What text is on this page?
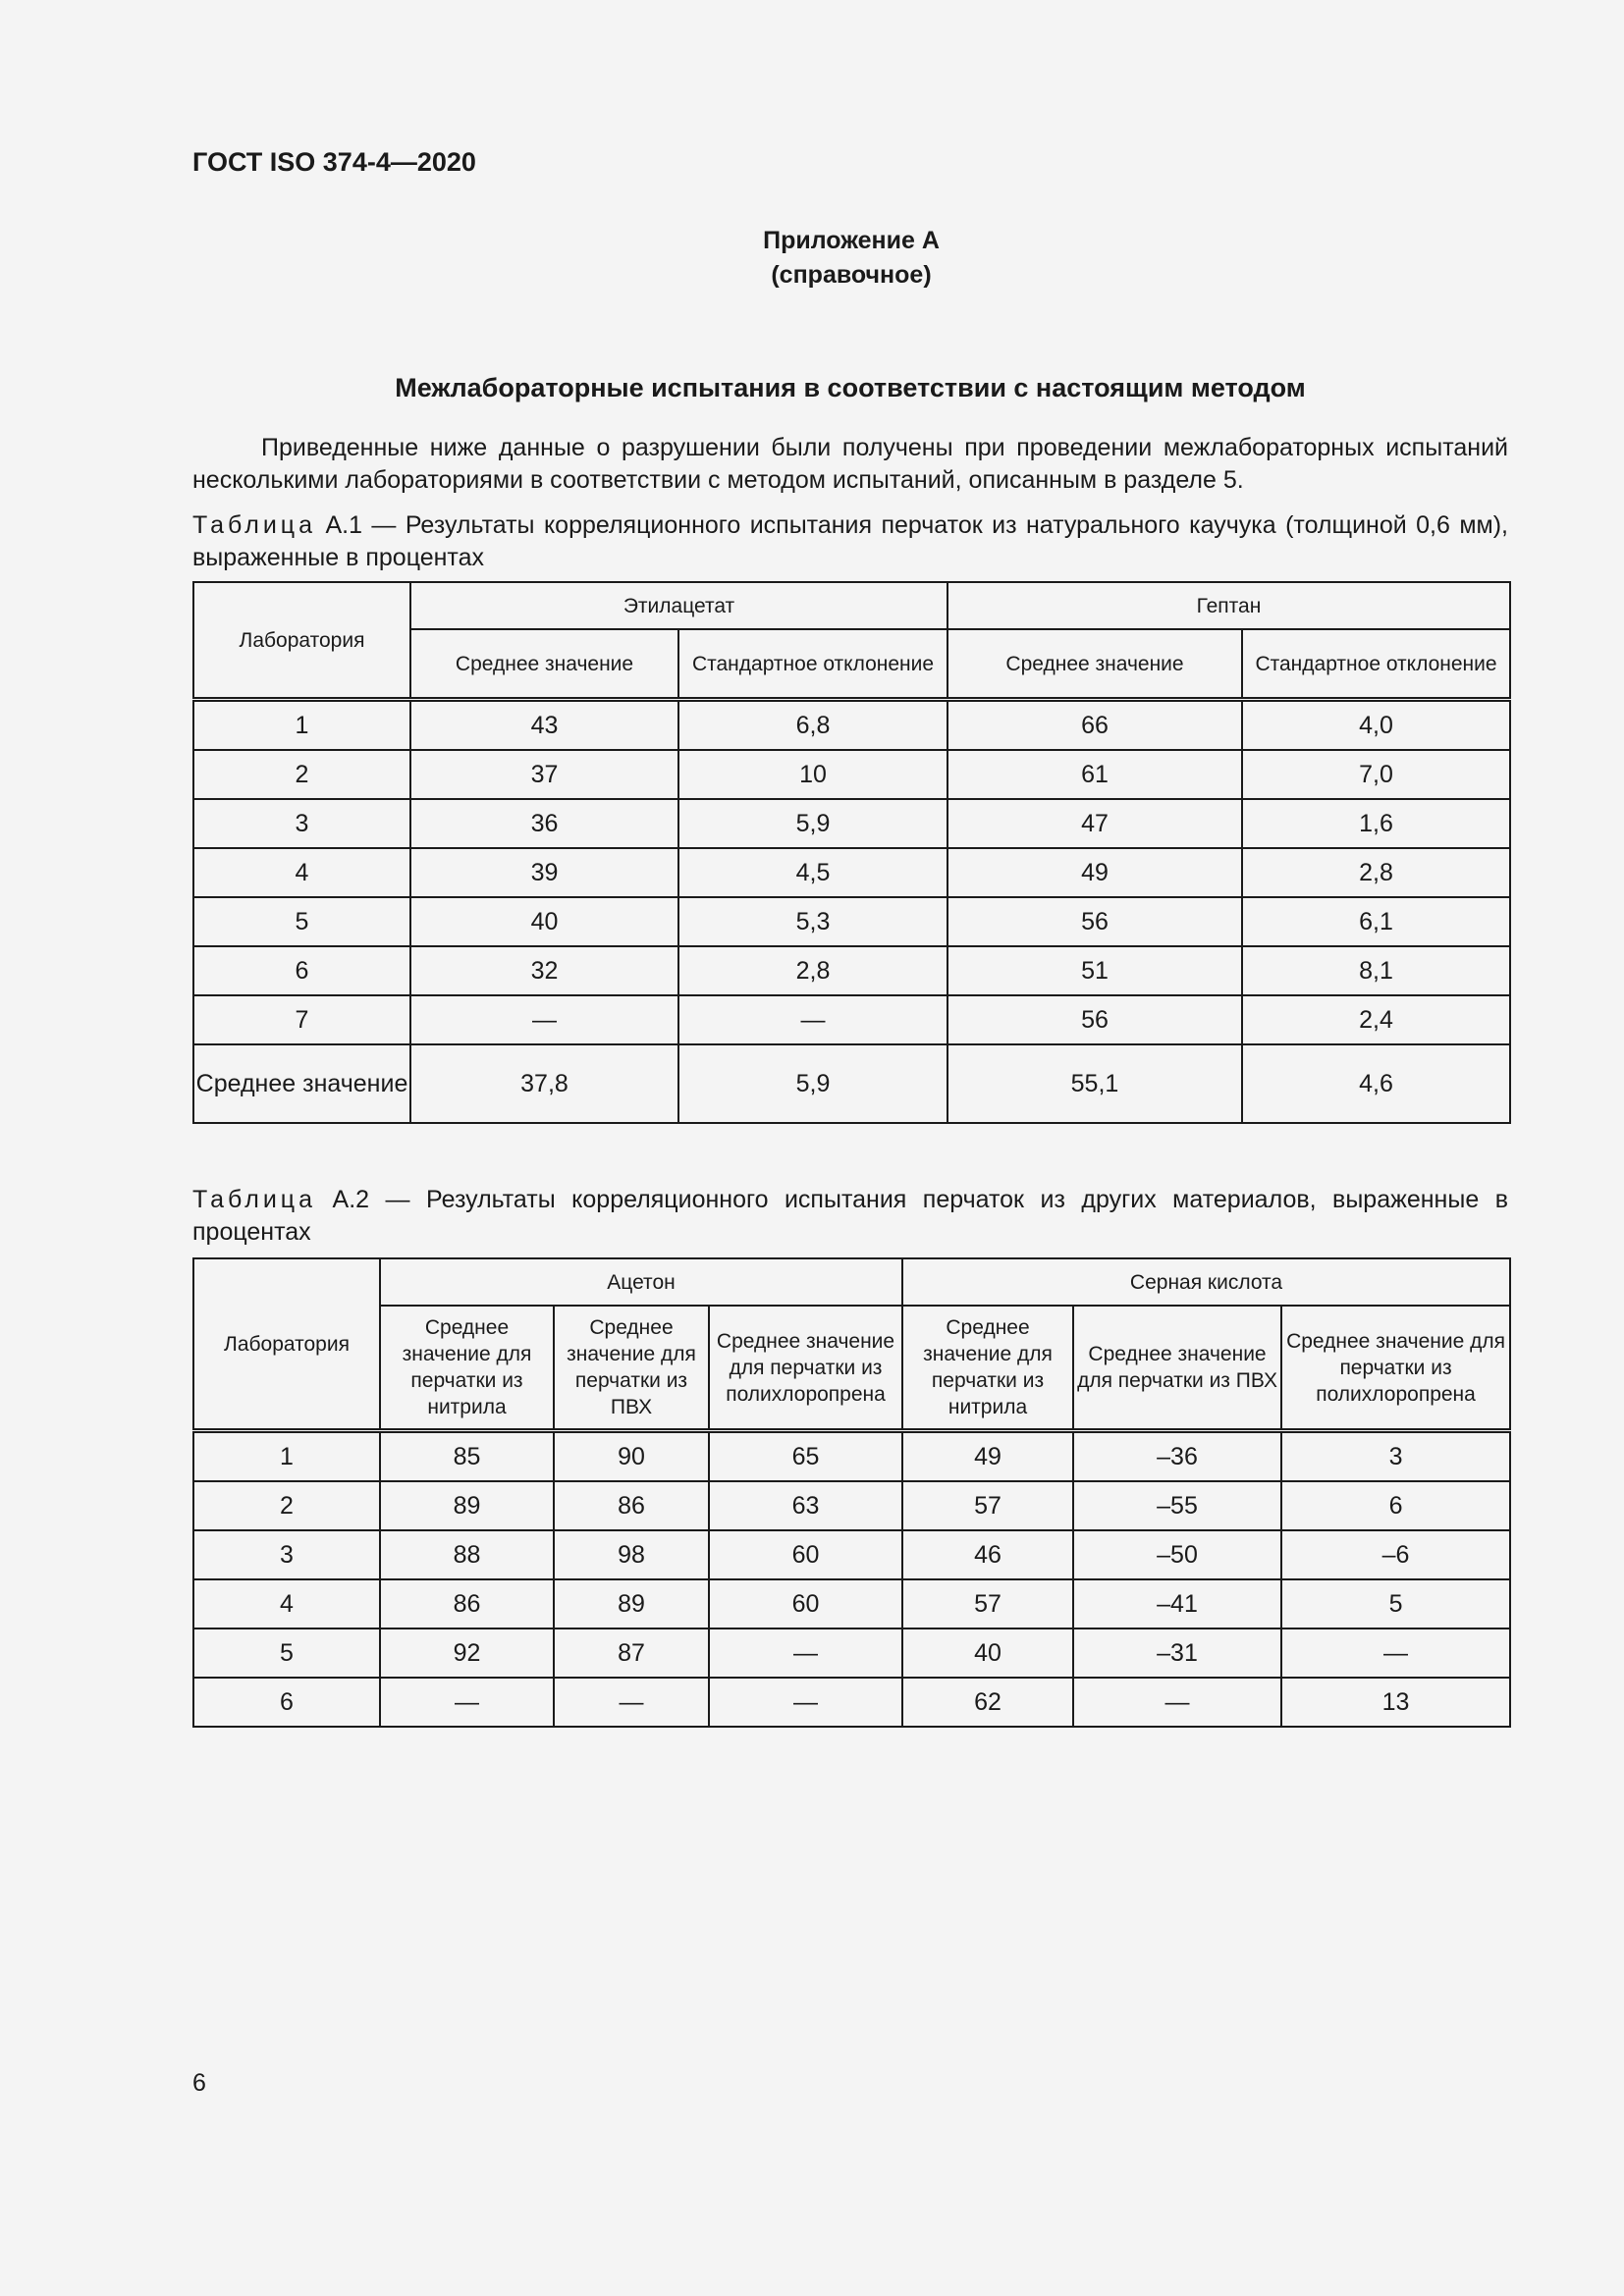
ГОСТ ISO 374-4—2020
Приложение А
(справочное)
Межлабораторные испытания в соответствии с настоящим методом
Приведенные ниже данные о разрушении были получены при проведении межлабораторных испытаний несколькими лабораториями в соответствии с методом испытаний, описанным в разделе 5.
Таблица А.1 — Результаты корреляционного испытания перчаток из натурального каучука (толщиной 0,6 мм), выраженные в процентах
Лаборатория	Этилацетат		Гептан	
	Среднее значение	Стандартное отклонение	Среднее значение	Стандартное отклонение
1	43	6,8	66	4,0
2	37	10	61	7,0
3	36	5,9	47	1,6
4	39	4,5	49	2,8
5	40	5,3	56	6,1
6	32	2,8	51	8,1
7	—	—	56	2,4
Среднее значение	37,8	5,9	55,1	4,6
Таблица А.2 — Результаты корреляционного испытания перчаток из других материалов, выраженные в процентах
Лаборатория	Ацетон			Серная кислота		
	Среднее значение для перчатки из нитрила	Среднее значение для перчатки из ПВХ	Среднее значение для перчатки из полихлоропрена	Среднее значение для перчатки из нитрила	Среднее значение для перчатки из ПВХ	Среднее значение для перчатки из полихлоропрена
1	85	90	65	49	–36	3
2	89	86	63	57	–55	6
3	88	98	60	46	–50	–6
4	86	89	60	57	–41	5
5	92	87	—	40	–31	—
6	—	—	—	62	—	13
6
